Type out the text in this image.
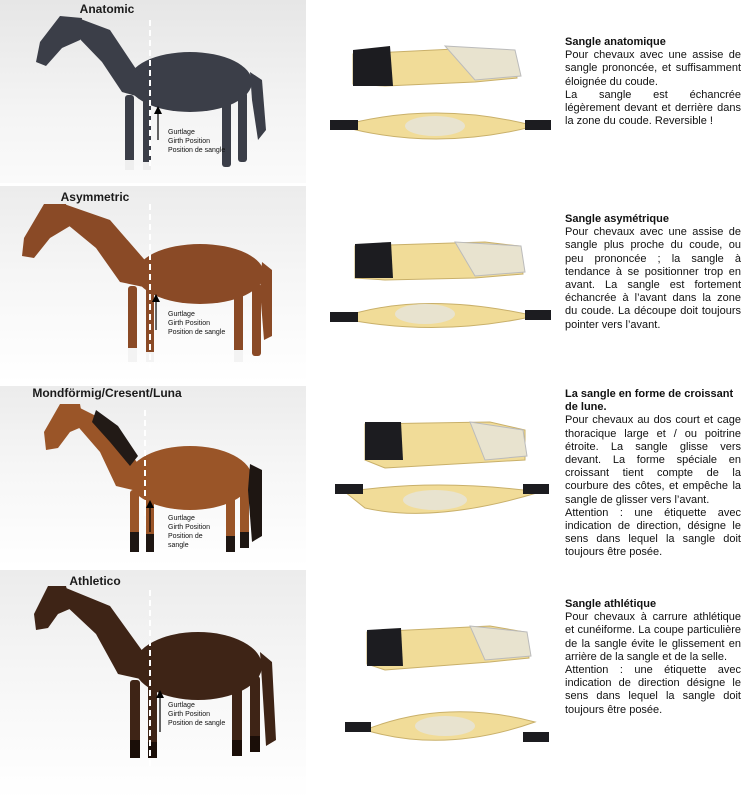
Anatomic
Gurtlage
Girth Position
Position de sangle
Sangle anatomique
Pour chevaux avec une assise de sangle prononcée, et suffisamment éloignée du coude.
La sangle est échancrée légèrement devant et derrière dans la zone du coude. Reversible !
Asymmetric
Gurtlage
Girth Position
Position de sangle
Sangle asymétrique
Pour chevaux avec une assise de sangle plus proche du coude, ou peu prononcée ; la sangle à tendance à se positionner trop en avant. La sangle est fortement échancrée à l’avant dans la zone du coude. La découpe doit toujours pointer vers l’avant.
Mondförmig/Cresent/Luna
Gurtlage
Girth Position
Position de
sangle
La sangle en forme de croissant de lune.
Pour chevaux au dos court et cage thoracique large et / ou poitrine étroite. La sangle glisse vers devant. La forme spéciale en croissant tient compte de la courbure des côtes, et empêche la sangle de glisser vers l’avant.
Attention : une étiquette avec indication de direction, désigne le sens dans lequel la sangle doit toujours être posée.
Athletico
Gurtlage
Girth Position
Position de sangle
Sangle athlétique
Pour chevaux à carrure athlétique et cunéiforme. La coupe particulière de la sangle évite le glissement en arrière de la sangle et de la selle.
Attention : une étiquette avec indication de direction désigne le sens dans lequel la sangle doit toujours être posée.
